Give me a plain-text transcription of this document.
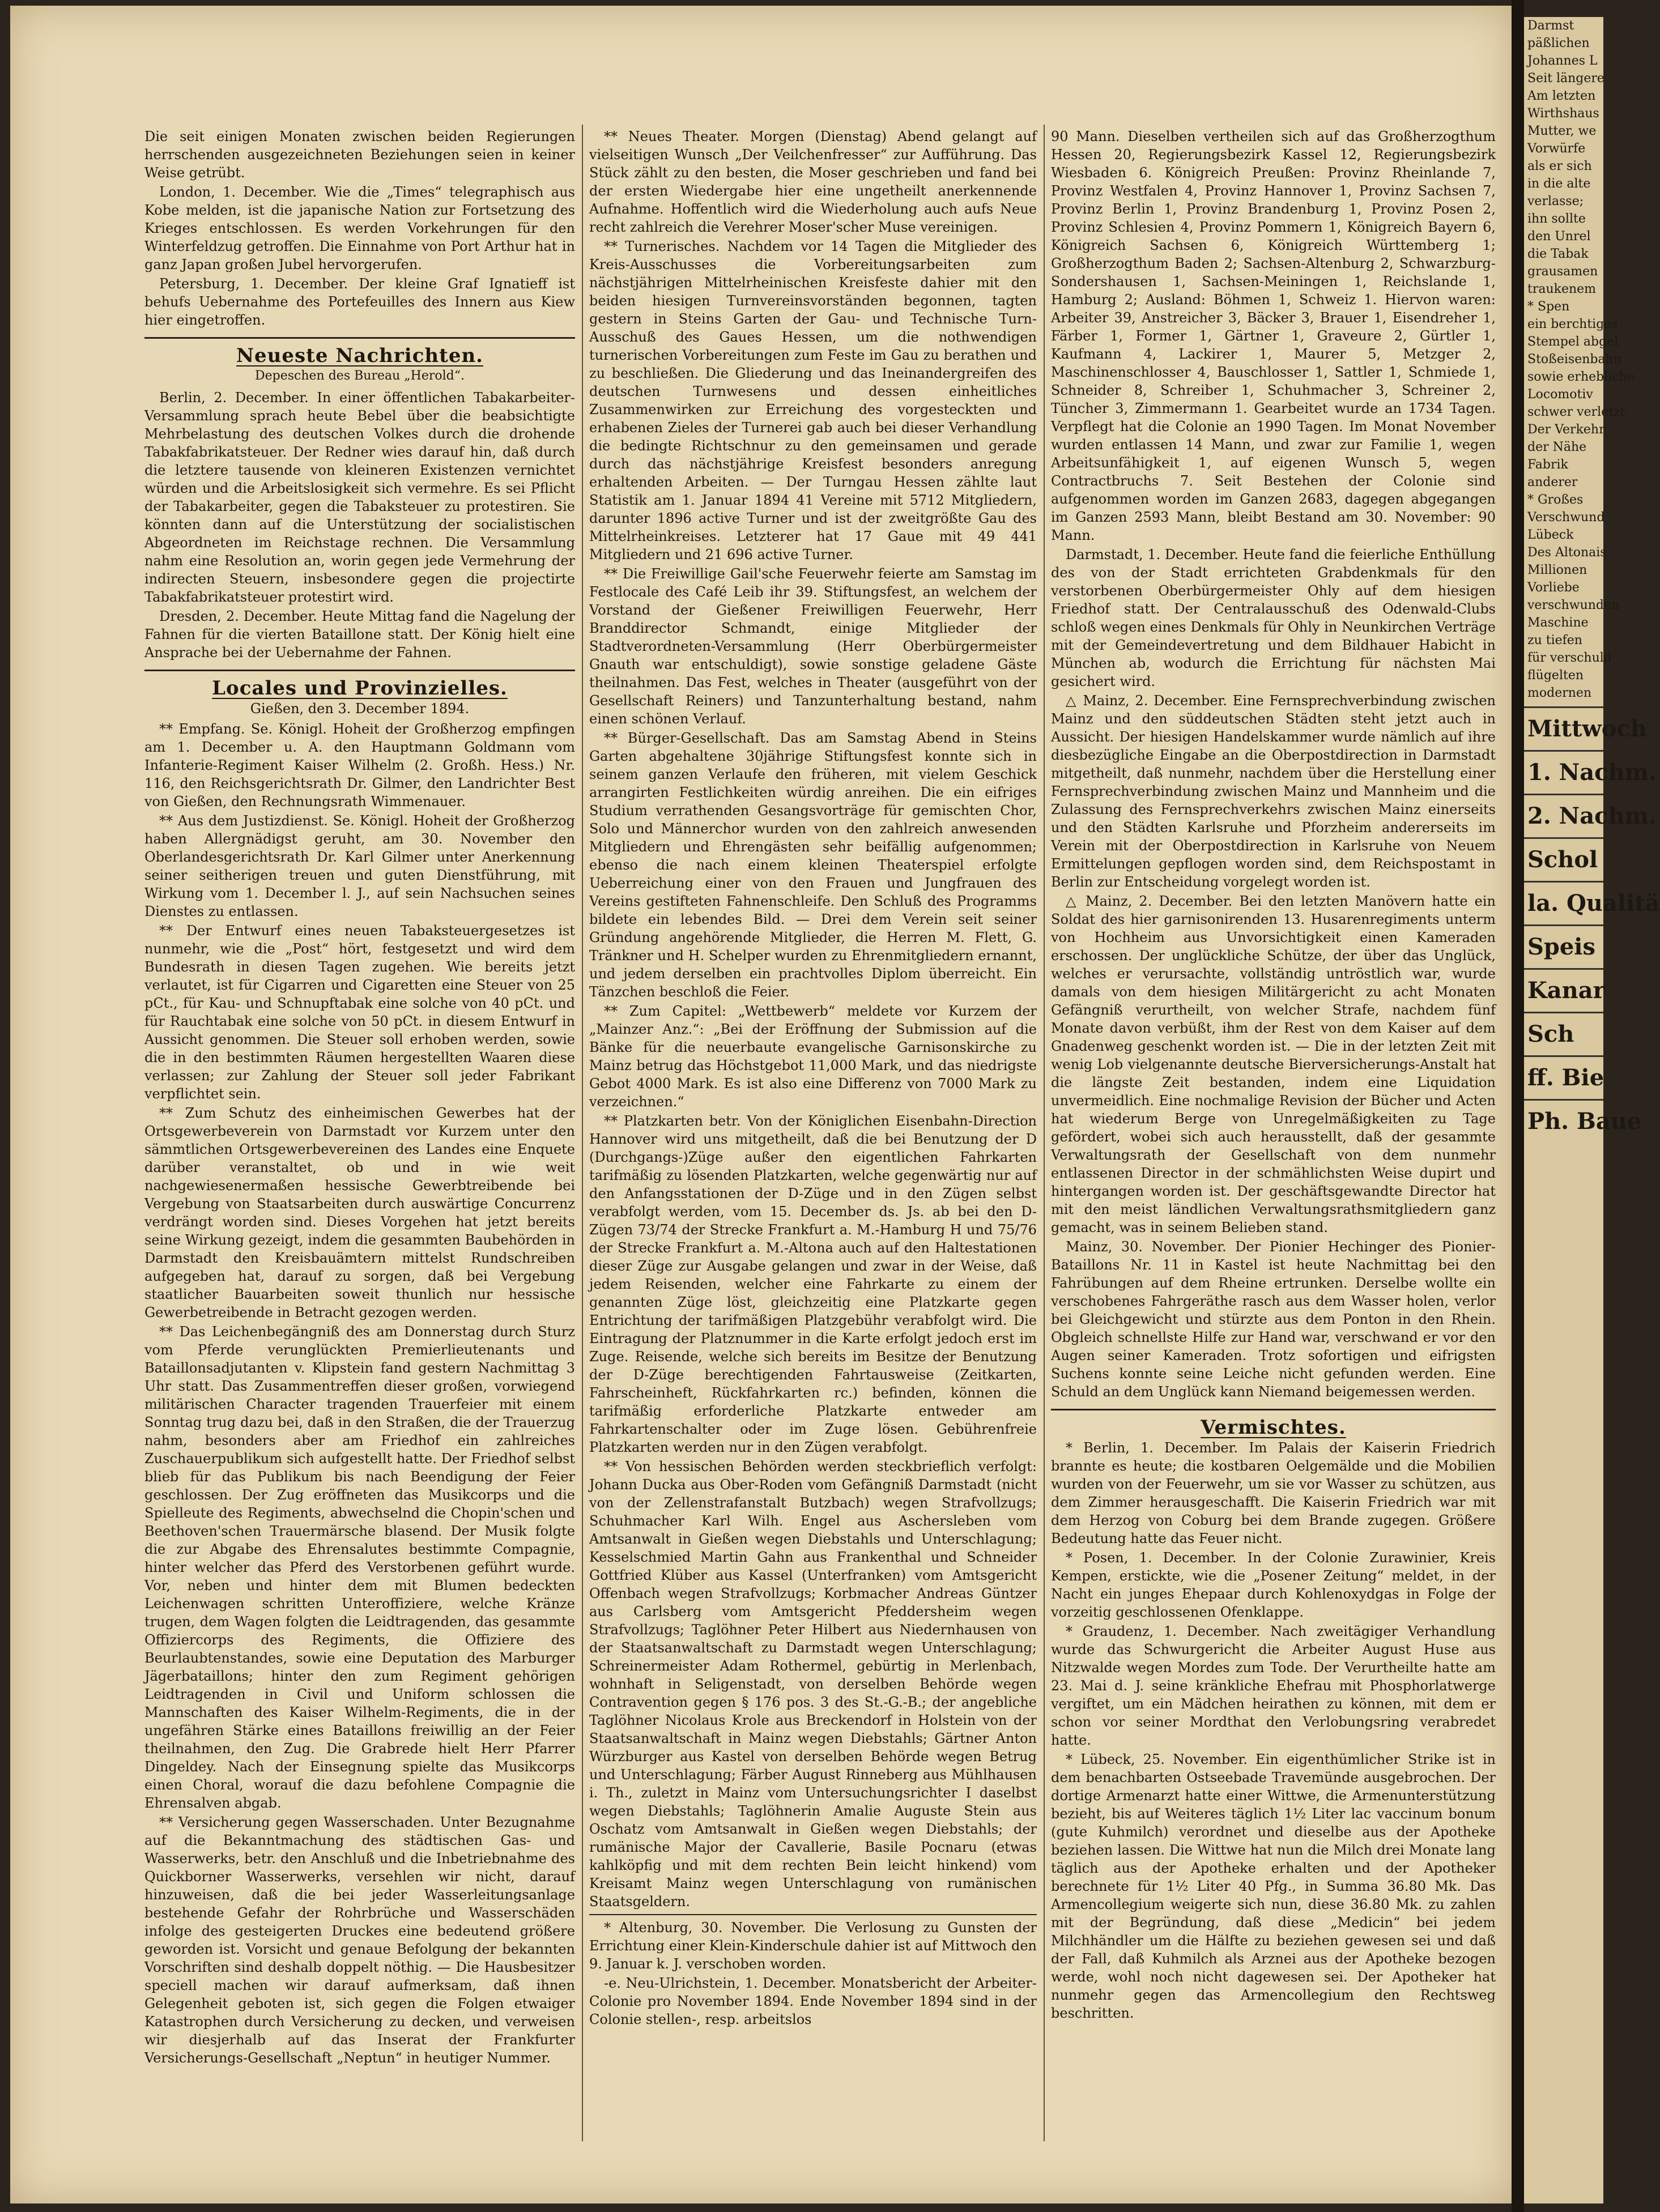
Darmst
päßlichen
Johannes L
Seit längere
Am letzten
Wirthshaus
Mutter, we
Vorwürfe
als er sich
in die alte
verlasse;
ihn sollte
den Unrel
die Tabak
grausamen
traukenem
* Spen
ein berchtiges
Stempel abgel
Stoßeisenbahn
sowie erhebliche
Locomotiv
schwer verletzt
Der Verkehr
der Nähe
Fabrik
anderer
* Großes
Verschwund
Lübeck
Des Altonais
Millionen
Vorliebe
verschwunden
Maschine
zu tiefen
für verschuld
flügelten
modernen
Mittwoch
1. Nachm.
2. Nachm.
Schol
la. Qualitä
Speis
Kanar
Sch
ff. Bie
Ph. Baue

Die seit einigen Monaten zwischen beiden Regierungen herrschenden ausgezeichneten Beziehungen seien in keiner Weise getrübt.

London, 1. December. Wie die „Times“ telegraphisch aus Kobe melden, ist die japanische Nation zur Fortsetzung des Krieges entschlossen. Es werden Vorkehrungen für den Winterfeldzug getroffen. Die Einnahme von Port Arthur hat in ganz Japan großen Jubel hervorgerufen.

Petersburg, 1. December. Der kleine Graf Ignatieff ist behufs Uebernahme des Portefeuilles des Innern aus Kiew hier eingetroffen.

Neueste Nachrichten.
Depeschen des Bureau „Herold“.

Berlin, 2. December. In einer öffentlichen Tabakarbeiter-Versammlung sprach heute Bebel über die beabsichtigte Mehrbelastung des deutschen Volkes durch die drohende Tabakfabrikatsteuer. Der Redner wies darauf hin, daß durch die letztere tausende von kleineren Existenzen vernichtet würden und die Arbeitslosigkeit sich vermehre. Es sei Pflicht der Tabakarbeiter, gegen die Tabaksteuer zu protestiren. Sie könnten dann auf die Unterstützung der socialistischen Abgeordneten im Reichstage rechnen. Die Versammlung nahm eine Resolution an, worin gegen jede Vermehrung der indirecten Steuern, insbesondere gegen die projectirte Tabakfabrikatsteuer protestirt wird.

Dresden, 2. December. Heute Mittag fand die Nagelung der Fahnen für die vierten Bataillone statt. Der König hielt eine Ansprache bei der Uebernahme der Fahnen.

Locales und Provinzielles.
Gießen, den 3. December 1894.

** Empfang. Se. Königl. Hoheit der Großherzog empfingen am 1. December u. A. den Hauptmann Goldmann vom Infanterie-Regiment Kaiser Wilhelm (2. Großh. Hess.) Nr. 116, den Reichsgerichtsrath Dr. Gilmer, den Landrichter Best von Gießen, den Rechnungsrath Wimmenauer.

** Aus dem Justizdienst. Se. Königl. Hoheit der Großherzog haben Allergnädigst geruht, am 30. November den Oberlandesgerichtsrath Dr. Karl Gilmer unter Anerkennung seiner seitherigen treuen und guten Dienstführung, mit Wirkung vom 1. December l. J., auf sein Nachsuchen seines Dienstes zu entlassen.

** Der Entwurf eines neuen Tabaksteuergesetzes ist nunmehr, wie die „Post“ hört, festgesetzt und wird dem Bundesrath in diesen Tagen zugehen. Wie bereits jetzt verlautet, ist für Cigarren und Cigaretten eine Steuer von 25 pCt., für Kau- und Schnupftabak eine solche von 40 pCt. und für Rauchtabak eine solche von 50 pCt. in diesem Entwurf in Aussicht genommen. Die Steuer soll erhoben werden, sowie die in den bestimmten Räumen hergestellten Waaren diese verlassen; zur Zahlung der Steuer soll jeder Fabrikant verpflichtet sein.

** Zum Schutz des einheimischen Gewerbes hat der Ortsgewerbeverein von Darmstadt vor Kurzem unter den sämmtlichen Ortsgewerbevereinen des Landes eine Enquete darüber veranstaltet, ob und in wie weit nachgewiesenermaßen hessische Gewerbtreibende bei Vergebung von Staatsarbeiten durch auswärtige Concurrenz verdrängt worden sind. Dieses Vorgehen hat jetzt bereits seine Wirkung gezeigt, indem die gesammten Baubehörden in Darmstadt den Kreisbauämtern mittelst Rundschreiben aufgegeben hat, darauf zu sorgen, daß bei Vergebung staatlicher Bauarbeiten soweit thunlich nur hessische Gewerbetreibende in Betracht gezogen werden.

** Das Leichenbegängniß des am Donnerstag durch Sturz vom Pferde verunglückten Premierlieutenants und Bataillonsadjutanten v. Klipstein fand gestern Nachmittag 3 Uhr statt. Das Zusammentreffen dieser großen, vorwiegend militärischen Character tragenden Trauerfeier mit einem Sonntag trug dazu bei, daß in den Straßen, die der Trauerzug nahm, besonders aber am Friedhof ein zahlreiches Zuschauerpublikum sich aufgestellt hatte. Der Friedhof selbst blieb für das Publikum bis nach Beendigung der Feier geschlossen. Der Zug eröffneten das Musikcorps und die Spielleute des Regiments, abwechselnd die Chopin'schen und Beethoven'schen Trauermärsche blasend. Der Musik folgte die zur Abgabe des Ehrensalutes bestimmte Compagnie, hinter welcher das Pferd des Verstorbenen geführt wurde. Vor, neben und hinter dem mit Blumen bedeckten Leichenwagen schritten Unteroffiziere, welche Kränze trugen, dem Wagen folgten die Leidtragenden, das gesammte Offiziercorps des Regiments, die Offiziere des Beurlaubtenstandes, sowie eine Deputation des Marburger Jägerbataillons; hinter den zum Regiment gehörigen Leidtragenden in Civil und Uniform schlossen die Mannschaften des Kaiser Wilhelm-Regiments, die in der ungefähren Stärke eines Bataillons freiwillig an der Feier theilnahmen, den Zug. Die Grabrede hielt Herr Pfarrer Dingeldey. Nach der Einsegnung spielte das Musikcorps einen Choral, worauf die dazu befohlene Compagnie die Ehrensalven abgab.

** Versicherung gegen Wasserschaden. Unter Bezugnahme auf die Bekanntmachung des städtischen Gas- und Wasserwerks, betr. den Anschluß und die Inbetriebnahme des Quickborner Wasserwerks, versehlen wir nicht, darauf hinzuweisen, daß die bei jeder Wasserleitungsanlage bestehende Gefahr der Rohrbrüche und Wasserschäden infolge des gesteigerten Druckes eine bedeutend größere geworden ist. Vorsicht und genaue Befolgung der bekannten Vorschriften sind deshalb doppelt nöthig. — Die Hausbesitzer speciell machen wir darauf aufmerksam, daß ihnen Gelegenheit geboten ist, sich gegen die Folgen etwaiger Katastrophen durch Versicherung zu decken, und verweisen wir diesjerhalb auf das Inserat der Frankfurter Versicherungs-Gesellschaft „Neptun“ in heutiger Nummer.

** Neues Theater. Morgen (Dienstag) Abend gelangt auf vielseitigen Wunsch „Der Veilchenfresser“ zur Aufführung. Das Stück zählt zu den besten, die Moser geschrieben und fand bei der ersten Wiedergabe hier eine ungetheilt anerkennende Aufnahme. Hoffentlich wird die Wiederholung auch aufs Neue recht zahlreich die Verehrer Moser'scher Muse vereinigen.

** Turnerisches. Nachdem vor 14 Tagen die Mitglieder des Kreis-Ausschusses die Vorbereitungsarbeiten zum nächstjährigen Mittelrheinischen Kreisfeste dahier mit den beiden hiesigen Turnvereinsvorständen begonnen, tagten gestern in Steins Garten der Gau- und Technische Turn-Ausschuß des Gaues Hessen, um die nothwendigen turnerischen Vorbereitungen zum Feste im Gau zu berathen und zu beschließen. Die Gliederung und das Ineinandergreifen des deutschen Turnwesens und dessen einheitliches Zusammenwirken zur Erreichung des vorgesteckten und erhabenen Zieles der Turnerei gab auch bei dieser Verhandlung die bedingte Richtschnur zu den gemeinsamen und gerade durch das nächstjährige Kreisfest besonders anregung erhaltenden Arbeiten. — Der Turngau Hessen zählte laut Statistik am 1. Januar 1894 41 Vereine mit 5712 Mitgliedern, darunter 1896 active Turner und ist der zweitgrößte Gau des Mittelrheinkreises. Letzterer hat 17 Gaue mit 49 441 Mitgliedern und 21 696 active Turner.

** Die Freiwillige Gail'sche Feuerwehr feierte am Samstag im Festlocale des Café Leib ihr 39. Stiftungsfest, an welchem der Vorstand der Gießener Freiwilligen Feuerwehr, Herr Branddirector Schmandt, einige Mitglieder der Stadtverordneten-Versammlung (Herr Oberbürgermeister Gnauth war entschuldigt), sowie sonstige geladene Gäste theilnahmen. Das Fest, welches in Theater (ausgeführt von der Gesellschaft Reiners) und Tanzunterhaltung bestand, nahm einen schönen Verlauf.

** Bürger-Gesellschaft. Das am Samstag Abend in Steins Garten abgehaltene 30jährige Stiftungsfest konnte sich in seinem ganzen Verlaufe den früheren, mit vielem Geschick arrangirten Festlichkeiten würdig anreihen. Die ein eifriges Studium verrathenden Gesangsvorträge für gemischten Chor, Solo und Männerchor wurden von den zahlreich anwesenden Mitgliedern und Ehrengästen sehr beifällig aufgenommen; ebenso die nach einem kleinen Theaterspiel erfolgte Ueberreichung einer von den Frauen und Jungfrauen des Vereins gestifteten Fahnenschleife. Den Schluß des Programms bildete ein lebendes Bild. — Drei dem Verein seit seiner Gründung angehörende Mitglieder, die Herren M. Flett, G. Tränkner und H. Schelper wurden zu Ehrenmitgliedern ernannt, und jedem derselben ein prachtvolles Diplom überreicht. Ein Tänzchen beschloß die Feier.

** Zum Capitel: „Wettbewerb“ meldete vor Kurzem der „Mainzer Anz.“: „Bei der Eröffnung der Submission auf die Bänke für die neuerbaute evangelische Garnisonskirche zu Mainz betrug das Höchstgebot 11,000 Mark, und das niedrigste Gebot 4000 Mark. Es ist also eine Differenz von 7000 Mark zu verzeichnen.“

** Platzkarten betr. Von der Königlichen Eisenbahn-Direction Hannover wird uns mitgetheilt, daß die bei Benutzung der D (Durchgangs-)Züge außer den eigentlichen Fahrkarten tarifmäßig zu lösenden Platzkarten, welche gegenwärtig nur auf den Anfangsstationen der D-Züge und in den Zügen selbst verabfolgt werden, vom 15. December ds. Js. ab bei den D-Zügen 73/74 der Strecke Frankfurt a. M.-Hamburg H und 75/76 der Strecke Frankfurt a. M.-Altona auch auf den Haltestationen dieser Züge zur Ausgabe gelangen und zwar in der Weise, daß jedem Reisenden, welcher eine Fahrkarte zu einem der genannten Züge löst, gleichzeitig eine Platzkarte gegen Entrichtung der tarifmäßigen Platzgebühr verabfolgt wird. Die Eintragung der Platznummer in die Karte erfolgt jedoch erst im Zuge. Reisende, welche sich bereits im Besitze der Benutzung der D-Züge berechtigenden Fahrtausweise (Zeitkarten, Fahrscheinheft, Rückfahrkarten rc.) befinden, können die tarifmäßig erforderliche Platzkarte entweder am Fahrkartenschalter oder im Zuge lösen. Gebührenfreie Platzkarten werden nur in den Zügen verabfolgt.

** Von hessischen Behörden werden steckbrieflich verfolgt: Johann Ducka aus Ober-Roden vom Gefängniß Darmstadt (nicht von der Zellenstrafanstalt Butzbach) wegen Strafvollzugs; Schuhmacher Karl Wilh. Engel aus Aschersleben vom Amtsanwalt in Gießen wegen Diebstahls und Unterschlagung; Kesselschmied Martin Gahn aus Frankenthal und Schneider Gottfried Klüber aus Kassel (Unterfranken) vom Amtsgericht Offenbach wegen Strafvollzugs; Korbmacher Andreas Güntzer aus Carlsberg vom Amtsgericht Pfeddersheim wegen Strafvollzugs; Taglöhner Peter Hilbert aus Niedernhausen von der Staatsanwaltschaft zu Darmstadt wegen Unterschlagung; Schreinermeister Adam Rothermel, gebürtig in Merlenbach, wohnhaft in Seligenstadt, von derselben Behörde wegen Contravention gegen § 176 pos. 3 des St.-G.-B.; der angebliche Taglöhner Nicolaus Krole aus Breckendorf in Holstein von der Staatsanwaltschaft in Mainz wegen Diebstahls; Gärtner Anton Würzburger aus Kastel von derselben Behörde wegen Betrug und Unterschlagung; Färber August Rinneberg aus Mühlhausen i. Th., zuletzt in Mainz vom Untersuchungsrichter I daselbst wegen Diebstahls; Taglöhnerin Amalie Auguste Stein aus Oschatz vom Amtsanwalt in Gießen wegen Diebstahls; der rumänische Major der Cavallerie, Basile Pocnaru (etwas kahlköpfig und mit dem rechten Bein leicht hinkend) vom Kreisamt Mainz wegen Unterschlagung von rumänischen Staatsgeldern.

* Altenburg, 30. November. Die Verlosung zu Gunsten der Errichtung einer Klein-Kinderschule dahier ist auf Mittwoch den 9. Januar k. J. verschoben worden.

-e. Neu-Ulrichstein, 1. December. Monatsbericht der Arbeiter-Colonie pro November 1894. Ende November 1894 sind in der Colonie stellen-, resp. arbeitslos

90 Mann. Dieselben vertheilen sich auf das Großherzogthum Hessen 20, Regierungsbezirk Kassel 12, Regierungsbezirk Wiesbaden 6. Königreich Preußen: Provinz Rheinlande 7, Provinz Westfalen 4, Provinz Hannover 1, Provinz Sachsen 7, Provinz Berlin 1, Provinz Brandenburg 1, Provinz Posen 2, Provinz Schlesien 4, Provinz Pommern 1, Königreich Bayern 6, Königreich Sachsen 6, Königreich Württemberg 1; Großherzogthum Baden 2; Sachsen-Altenburg 2, Schwarzburg-Sondershausen 1, Sachsen-Meiningen 1, Reichslande 1, Hamburg 2; Ausland: Böhmen 1, Schweiz 1. Hiervon waren: Arbeiter 39, Anstreicher 3, Bäcker 3, Brauer 1, Eisendreher 1, Färber 1, Former 1, Gärtner 1, Graveure 2, Gürtler 1, Kaufmann 4, Lackirer 1, Maurer 5, Metzger 2, Maschinenschlosser 4, Bauschlosser 1, Sattler 1, Schmiede 1, Schneider 8, Schreiber 1, Schuhmacher 3, Schreiner 2, Tüncher 3, Zimmermann 1. Gearbeitet wurde an 1734 Tagen. Verpflegt hat die Colonie an 1990 Tagen. Im Monat November wurden entlassen 14 Mann, und zwar zur Familie 1, wegen Arbeitsunfähigkeit 1, auf eigenen Wunsch 5, wegen Contractbruchs 7. Seit Bestehen der Colonie sind aufgenommen worden im Ganzen 2683, dagegen abgegangen im Ganzen 2593 Mann, bleibt Bestand am 30. November: 90 Mann.

Darmstadt, 1. December. Heute fand die feierliche Enthüllung des von der Stadt errichteten Grabdenkmals für den verstorbenen Oberbürgermeister Ohly auf dem hiesigen Friedhof statt. Der Centralausschuß des Odenwald-Clubs schloß wegen eines Denkmals für Ohly in Neunkirchen Verträge mit der Gemeindevertretung und dem Bildhauer Habicht in München ab, wodurch die Errichtung für nächsten Mai gesichert wird.

△ Mainz, 2. December. Eine Fernsprechverbindung zwischen Mainz und den süddeutschen Städten steht jetzt auch in Aussicht. Der hiesigen Handelskammer wurde nämlich auf ihre diesbezügliche Eingabe an die Oberpostdirection in Darmstadt mitgetheilt, daß nunmehr, nachdem über die Herstellung einer Fernsprechverbindung zwischen Mainz und Mannheim und die Zulassung des Fernsprechverkehrs zwischen Mainz einerseits und den Städten Karlsruhe und Pforzheim andererseits im Verein mit der Oberpostdirection in Karlsruhe von Neuem Ermittelungen gepflogen worden sind, dem Reichspostamt in Berlin zur Entscheidung vorgelegt worden ist.

△ Mainz, 2. December. Bei den letzten Manövern hatte ein Soldat des hier garnisonirenden 13. Husarenregiments unterm von Hochheim aus Unvorsichtigkeit einen Kameraden erschossen. Der unglückliche Schütze, der über das Unglück, welches er verursachte, vollständig untröstlich war, wurde damals von dem hiesigen Militärgericht zu acht Monaten Gefängniß verurtheilt, von welcher Strafe, nachdem fünf Monate davon verbüßt, ihm der Rest von dem Kaiser auf dem Gnadenweg geschenkt worden ist. — Die in der letzten Zeit mit wenig Lob vielgenannte deutsche Bierversicherungs-Anstalt hat die längste Zeit bestanden, indem eine Liquidation unvermeidlich. Eine nochmalige Revision der Bücher und Acten hat wiederum Berge von Unregelmäßigkeiten zu Tage gefördert, wobei sich auch herausstellt, daß der gesammte Verwaltungsrath der Gesellschaft von dem nunmehr entlassenen Director in der schmählichsten Weise dupirt und hintergangen worden ist. Der geschäftsgewandte Director hat mit den meist ländlichen Verwaltungsrathsmitgliedern ganz gemacht, was in seinem Belieben stand.

Mainz, 30. November. Der Pionier Hechinger des Pionier-Bataillons Nr. 11 in Kastel ist heute Nachmittag bei den Fahrübungen auf dem Rheine ertrunken. Derselbe wollte ein verschobenes Fahrgeräthe rasch aus dem Wasser holen, verlor bei Gleichgewicht und stürzte aus dem Ponton in den Rhein. Obgleich schnellste Hilfe zur Hand war, verschwand er vor den Augen seiner Kameraden. Trotz sofortigen und eifrigsten Suchens konnte seine Leiche nicht gefunden werden. Eine Schuld an dem Unglück kann Niemand beigemessen werden.

Vermischtes.

* Berlin, 1. December. Im Palais der Kaiserin Friedrich brannte es heute; die kostbaren Oelgemälde und die Mobilien wurden von der Feuerwehr, um sie vor Wasser zu schützen, aus dem Zimmer herausgeschafft. Die Kaiserin Friedrich war mit dem Herzog von Coburg bei dem Brande zugegen. Größere Bedeutung hatte das Feuer nicht.

* Posen, 1. December. In der Colonie Zurawinier, Kreis Kempen, erstickte, wie die „Posener Zeitung“ meldet, in der Nacht ein junges Ehepaar durch Kohlenoxydgas in Folge der vorzeitig geschlossenen Ofenklappe.

* Graudenz, 1. December. Nach zweitägiger Verhandlung wurde das Schwurgericht die Arbeiter August Huse aus Nitzwalde wegen Mordes zum Tode. Der Verurtheilte hatte am 23. Mai d. J. seine kränkliche Ehefrau mit Phosphorlatwerge vergiftet, um ein Mädchen heirathen zu können, mit dem er schon vor seiner Mordthat den Verlobungsring verabredet hatte.

* Lübeck, 25. November. Ein eigenthümlicher Strike ist in dem benachbarten Ostseebade Travemünde ausgebrochen. Der dortige Armenarzt hatte einer Wittwe, die Armenunterstützung bezieht, bis auf Weiteres täglich 1½ Liter lac vaccinum bonum (gute Kuhmilch) verordnet und dieselbe aus der Apotheke beziehen lassen. Die Wittwe hat nun die Milch drei Monate lang täglich aus der Apotheke erhalten und der Apotheker berechnete für 1½ Liter 40 Pfg., in Summa 36.80 Mk. Das Armencollegium weigerte sich nun, diese 36.80 Mk. zu zahlen mit der Begründung, daß diese „Medicin“ bei jedem Milchhändler um die Hälfte zu beziehen gewesen sei und daß der Fall, daß Kuhmilch als Arznei aus der Apotheke bezogen werde, wohl noch nicht dagewesen sei. Der Apotheker hat nunmehr gegen das Armencollegium den Rechtsweg beschritten.
